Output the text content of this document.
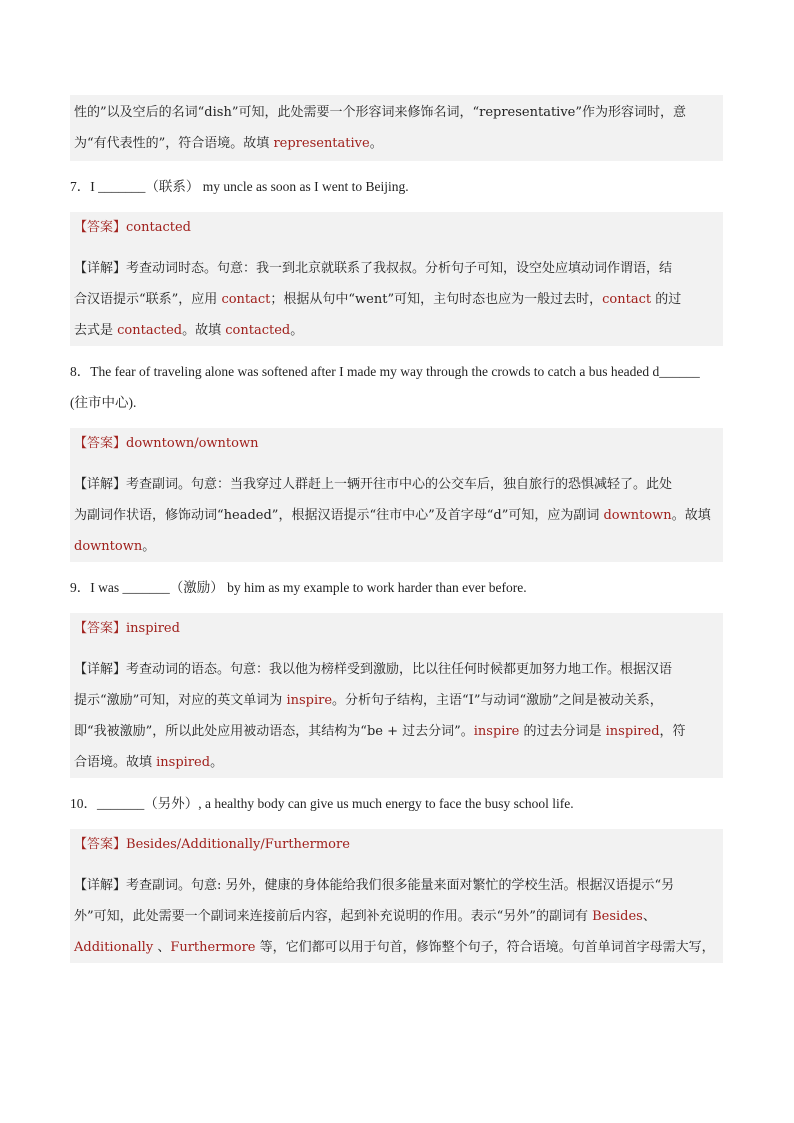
性的”以及空后的名词“dish”可知，此处需要一个形容词来修饰名词，“representative”作为形容词时，意
为“有代表性的”，符合语境。故填 representative。

7．I _______（联系） my uncle as soon as I went to Beijing.

【答案】contacted
【详解】考查动词时态。句意：我一到北京就联系了我叔叔。分析句子可知，设空处应填动词作谓语，结
合汉语提示“联系”，应用 contact；根据从句中“went”可知，主句时态也应为一般过去时，contact 的过
去式是 contacted。故填 contacted。

8．The fear of traveling alone was softened after I made my way through the crowds to catch a bus headed d______

(往市中心).

【答案】downtown/owntown
【详解】考查副词。句意：当我穿过人群赶上一辆开往市中心的公交车后，独自旅行的恐惧减轻了。此处
为副词作状语，修饰动词“headed”，根据汉语提示“往市中心”及首字母“d”可知，应为副词 downtown。故填
downtown。

9．I was _______（激励） by him as my example to work harder than ever before.

【答案】inspired
【详解】考查动词的语态。句意：我以他为榜样受到激励，比以往任何时候都更加努力地工作。根据汉语
提示“激励”可知，对应的英文单词为 inspire。分析句子结构，主语“I”与动词“激励”之间是被动关系，
即“我被激励”，所以此处应用被动语态，其结构为“be + 过去分词”。inspire 的过去分词是 inspired，符
合语境。故填 inspired。

10．_______（另外）, a healthy body can give us much energy to face the busy school life.

【答案】Besides/Additionally/Furthermore
【详解】考查副词。句意: 另外，健康的身体能给我们很多能量来面对繁忙的学校生活。根据汉语提示“另
外”可知，此处需要一个副词来连接前后内容，起到补充说明的作用。表示“另外”的副词有 Besides、
Additionally 、Furthermore 等，它们都可以用于句首，修饰整个句子，符合语境。句首单词首字母需大写，
